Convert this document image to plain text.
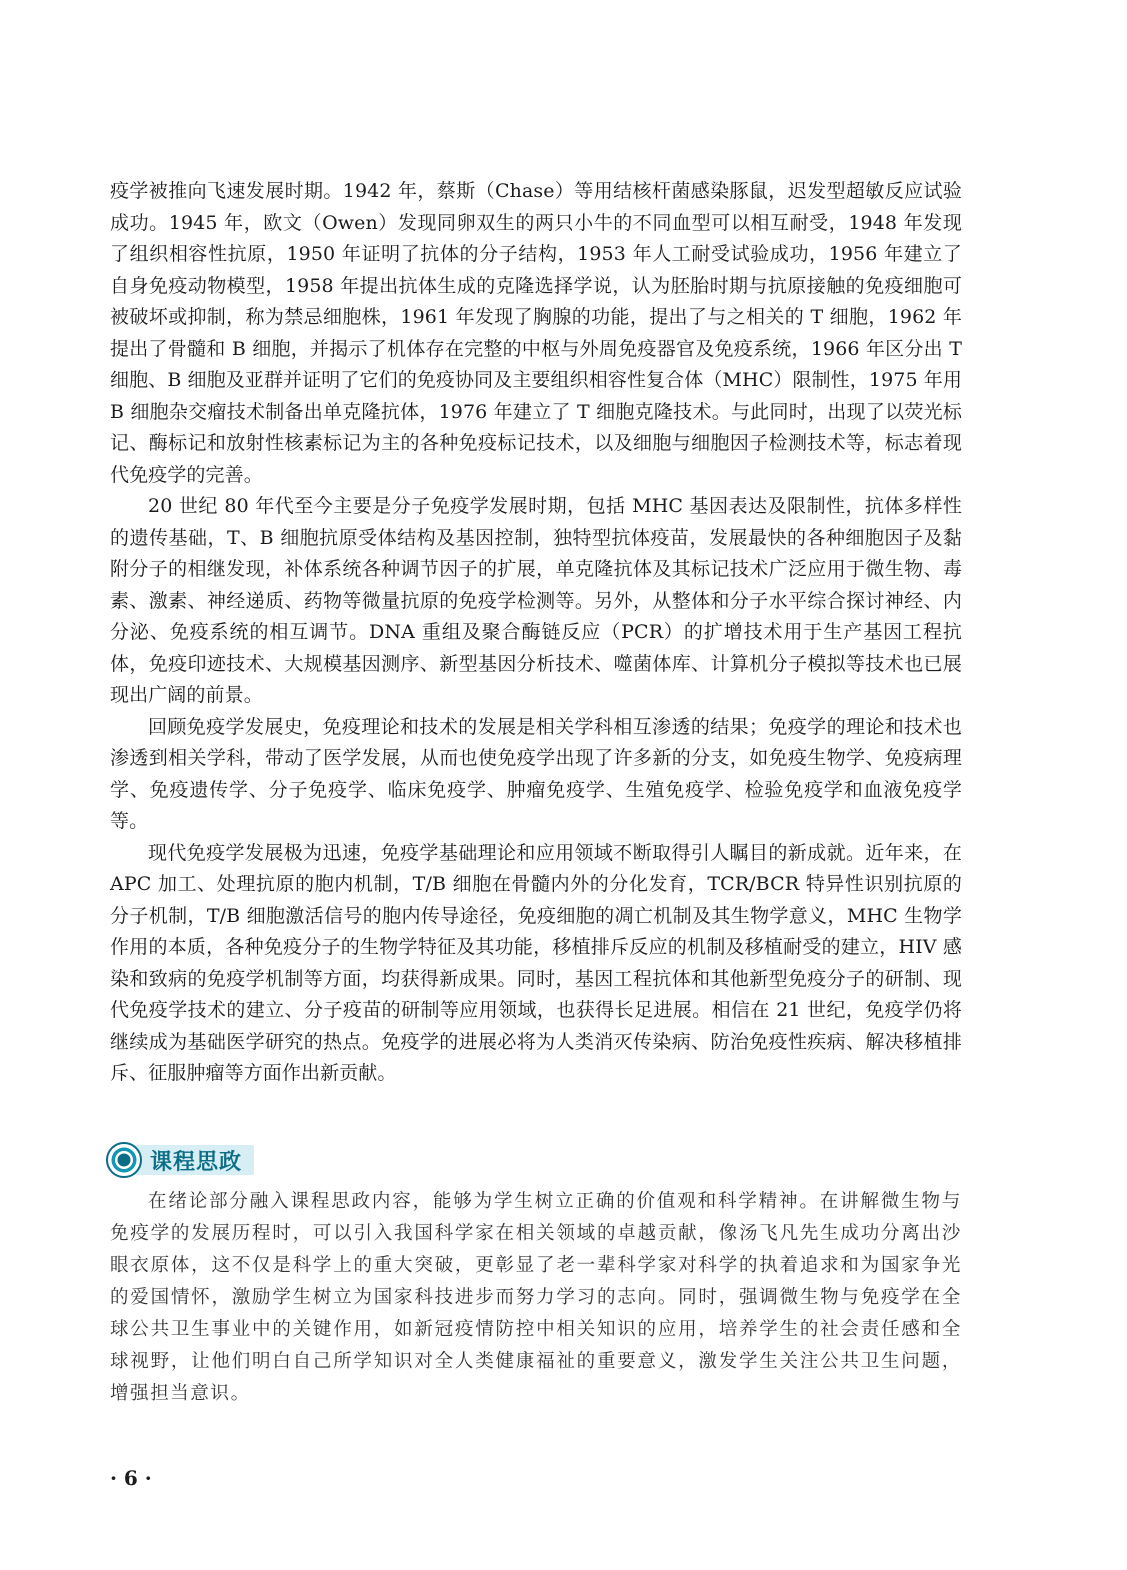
疫学被推向飞速发展时期。1942 年，蔡斯（Chase）等用结核杆菌感染豚鼠，迟发型超敏反应试验成功。1945 年，欧文（Owen）发现同卵双生的两只小牛的不同血型可以相互耐受，1948 年发现了组织相容性抗原，1950 年证明了抗体的分子结构，1953 年人工耐受试验成功，1956 年建立了自身免疫动物模型，1958 年提出抗体生成的克隆选择学说，认为胚胎时期与抗原接触的免疫细胞可被破坏或抑制，称为禁忌细胞株，1961 年发现了胸腺的功能，提出了与之相关的 T 细胞，1962 年提出了骨髓和 B 细胞，并揭示了机体存在完整的中枢与外周免疫器官及免疫系统，1966 年区分出 T 细胞、B 细胞及亚群并证明了它们的免疫协同及主要组织相容性复合体（MHC）限制性，1975 年用 B 细胞杂交瘤技术制备出单克隆抗体，1976 年建立了 T 细胞克隆技术。与此同时，出现了以荧光标记、酶标记和放射性核素标记为主的各种免疫标记技术，以及细胞与细胞因子检测技术等，标志着现代免疫学的完善。

20 世纪 80 年代至今主要是分子免疫学发展时期，包括 MHC 基因表达及限制性，抗体多样性的遗传基础，T、B 细胞抗原受体结构及基因控制，独特型抗体疫苗，发展最快的各种细胞因子及黏附分子的相继发现，补体系统各种调节因子的扩展，单克隆抗体及其标记技术广泛应用于微生物、毒素、激素、神经递质、药物等微量抗原的免疫学检测等。另外，从整体和分子水平综合探讨神经、内分泌、免疫系统的相互调节。DNA 重组及聚合酶链反应（PCR）的扩增技术用于生产基因工程抗体，免疫印迹技术、大规模基因测序、新型基因分析技术、噬菌体库、计算机分子模拟等技术也已展现出广阔的前景。

回顾免疫学发展史，免疫理论和技术的发展是相关学科相互渗透的结果；免疫学的理论和技术也渗透到相关学科，带动了医学发展，从而也使免疫学出现了许多新的分支，如免疫生物学、免疫病理学、免疫遗传学、分子免疫学、临床免疫学、肿瘤免疫学、生殖免疫学、检验免疫学和血液免疫学等。

现代免疫学发展极为迅速，免疫学基础理论和应用领域不断取得引人瞩目的新成就。近年来，在 APC 加工、处理抗原的胞内机制，T/B 细胞在骨髓内外的分化发育，TCR/BCR 特异性识别抗原的分子机制，T/B 细胞激活信号的胞内传导途径，免疫细胞的凋亡机制及其生物学意义，MHC 生物学作用的本质，各种免疫分子的生物学特征及其功能，移植排斥反应的机制及移植耐受的建立，HIV 感染和致病的免疫学机制等方面，均获得新成果。同时，基因工程抗体和其他新型免疫分子的研制、现代免疫学技术的建立、分子疫苗的研制等应用领域，也获得长足进展。相信在 21 世纪，免疫学仍将继续成为基础医学研究的热点。免疫学的进展必将为人类消灭传染病、防治免疫性疾病、解决移植排斥、征服肿瘤等方面作出新贡献。

课程思政

在绪论部分融入课程思政内容，能够为学生树立正确的价值观和科学精神。在讲解微生物与免疫学的发展历程时，可以引入我国科学家在相关领域的卓越贡献，像汤飞凡先生成功分离出沙眼衣原体，这不仅是科学上的重大突破，更彰显了老一辈科学家对科学的执着追求和为国家争光的爱国情怀，激励学生树立为国家科技进步而努力学习的志向。同时，强调微生物与免疫学在全球公共卫生事业中的关键作用，如新冠疫情防控中相关知识的应用，培养学生的社会责任感和全球视野，让他们明白自己所学知识对全人类健康福祉的重要意义，激发学生关注公共卫生问题，增强担当意识。

· 6 ·
